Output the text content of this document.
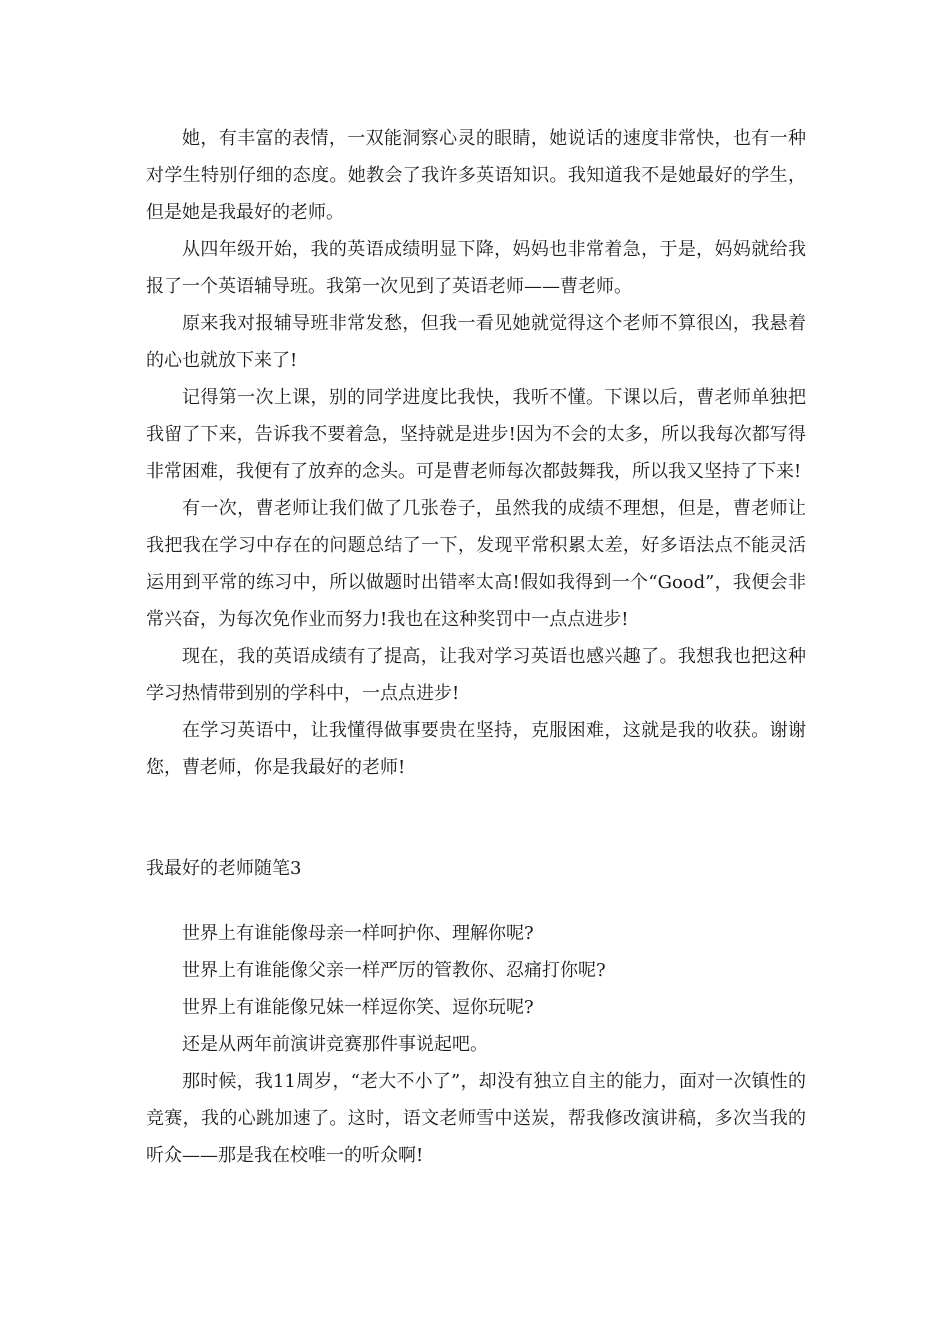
她，有丰富的表情，一双能洞察心灵的眼睛，她说话的速度非常快，也有一种对学生特别仔细的态度。她教会了我许多英语知识。我知道我不是她最好的学生，但是她是我最好的老师。

从四年级开始，我的英语成绩明显下降，妈妈也非常着急，于是，妈妈就给我报了一个英语辅导班。我第一次见到了英语老师——曹老师。

原来我对报辅导班非常发愁，但我一看见她就觉得这个老师不算很凶，我悬着的心也就放下来了!

记得第一次上课，别的同学进度比我快，我听不懂。下课以后，曹老师单独把我留了下来，告诉我不要着急，坚持就是进步!因为不会的太多，所以我每次都写得非常困难，我便有了放弃的念头。可是曹老师每次都鼓舞我，所以我又坚持了下来!

有一次，曹老师让我们做了几张卷子，虽然我的成绩不理想，但是，曹老师让我把我在学习中存在的问题总结了一下，发现平常积累太差，好多语法点不能灵活运用到平常的练习中，所以做题时出错率太高!假如我得到一个“Good”，我便会非常兴奋，为每次免作业而努力!我也在这种奖罚中一点点进步!

现在，我的英语成绩有了提高，让我对学习英语也感兴趣了。我想我也把这种学习热情带到别的学科中，一点点进步!

在学习英语中，让我懂得做事要贵在坚持，克服困难，这就是我的收获。谢谢您，曹老师，你是我最好的老师!

我最好的老师随笔3

世界上有谁能像母亲一样呵护你、理解你呢?

世界上有谁能像父亲一样严厉的管教你、忍痛打你呢?

世界上有谁能像兄妹一样逗你笑、逗你玩呢?

还是从两年前演讲竞赛那件事说起吧。

那时候，我11周岁，“老大不小了”，却没有独立自主的能力，面对一次镇性的竞赛，我的心跳加速了。这时，语文老师雪中送炭，帮我修改演讲稿，多次当我的听众——那是我在校唯一的听众啊!
